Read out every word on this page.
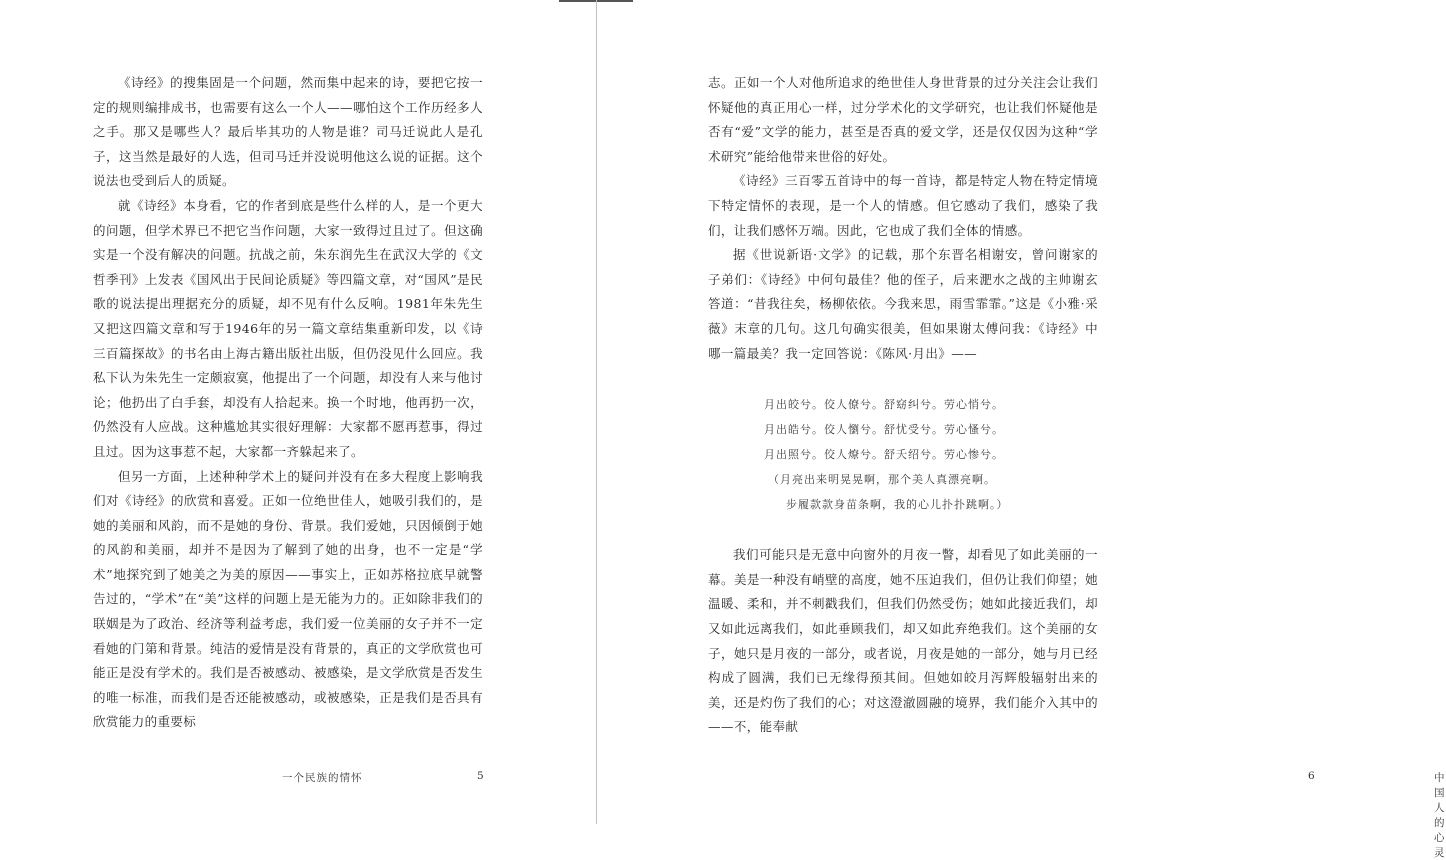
《诗经》的搜集固是一个问题，然而集中起来的诗，要把它按一定的规则编排成书，也需要有这么一个人——哪怕这个工作历经多人之手。那又是哪些人？最后毕其功的人物是谁？司马迁说此人是孔子，这当然是最好的人选，但司马迁并没说明他这么说的证据。这个说法也受到后人的质疑。

就《诗经》本身看，它的作者到底是些什么样的人，是一个更大的问题，但学术界已不把它当作问题，大家一致得过且过了。但这确实是一个没有解决的问题。抗战之前，朱东润先生在武汉大学的《文哲季刊》上发表《国风出于民间论质疑》等四篇文章，对“国风”是民歌的说法提出理据充分的质疑，却不见有什么反响。1981年朱先生又把这四篇文章和写于1946年的另一篇文章结集重新印发，以《诗三百篇探故》的书名由上海古籍出版社出版，但仍没见什么回应。我私下认为朱先生一定颇寂寞，他提出了一个问题，却没有人来与他讨论；他扔出了白手套，却没有人拾起来。换一个时地，他再扔一次，仍然没有人应战。这种尴尬其实很好理解：大家都不愿再惹事，得过且过。因为这事惹不起，大家都一齐躲起来了。

但另一方面，上述种种学术上的疑问并没有在多大程度上影响我们对《诗经》的欣赏和喜爱。正如一位绝世佳人，她吸引我们的，是她的美丽和风韵，而不是她的身份、背景。我们爱她，只因倾倒于她的风韵和美丽，却并不是因为了解到了她的出身，也不一定是“学术”地探究到了她美之为美的原因——事实上，正如苏格拉底早就警告过的，“学术”在“美”这样的问题上是无能为力的。正如除非我们的联姻是为了政治、经济等利益考虑，我们爱一位美丽的女子并不一定看她的门第和背景。纯洁的爱情是没有背景的，真正的文学欣赏也可能正是没有学术的。我们是否被感动、被感染，是文学欣赏是否发生的唯一标准，而我们是否还能被感动，或被感染，正是我们是否具有欣赏能力的重要标

一个民族的情怀	5

志。正如一个人对他所追求的绝世佳人身世背景的过分关注会让我们怀疑他的真正用心一样，过分学术化的文学研究，也让我们怀疑他是否有“爱”文学的能力，甚至是否真的爱文学，还是仅仅因为这种“学术研究”能给他带来世俗的好处。

《诗经》三百零五首诗中的每一首诗，都是特定人物在特定情境下特定情怀的表现，是一个人的情感。但它感动了我们，感染了我们，让我们感怀万端。因此，它也成了我们全体的情感。

据《世说新语·文学》的记载，那个东晋名相谢安，曾问谢家的子弟们：《诗经》中何句最佳？他的侄子，后来淝水之战的主帅谢玄答道：“昔我往矣，杨柳依依。今我来思，雨雪霏霏。”这是《小雅·采薇》末章的几句。这几句确实很美，但如果谢太傅问我：《诗经》中哪一篇最美？我一定回答说：《陈风·月出》——

月出皎兮。佼人僚兮。舒窈纠兮。劳心悄兮。
月出皓兮。佼人懰兮。舒忧受兮。劳心慅兮。
月出照兮。佼人燎兮。舒夭绍兮。劳心惨兮。
（月亮出来明晃晃啊，那个美人真漂亮啊。
步履款款身苗条啊，我的心儿扑扑跳啊。）

我们可能只是无意中向窗外的月夜一瞥，却看见了如此美丽的一幕。美是一种没有峭壁的高度，她不压迫我们，但仍让我们仰望；她温暖、柔和，并不刺戳我们，但我们仍然受伤；她如此接近我们，却又如此远离我们，如此垂顾我们，却又如此弃绝我们。这个美丽的女子，她只是月夜的一部分，或者说，月夜是她的一部分，她与月已经构成了圆满，我们已无缘得预其间。但她如皎月泻辉般辐射出来的美，还是灼伤了我们的心；对这澄澈圆融的境界，我们能介入其中的——不，能奉献

6	中国人的心灵
